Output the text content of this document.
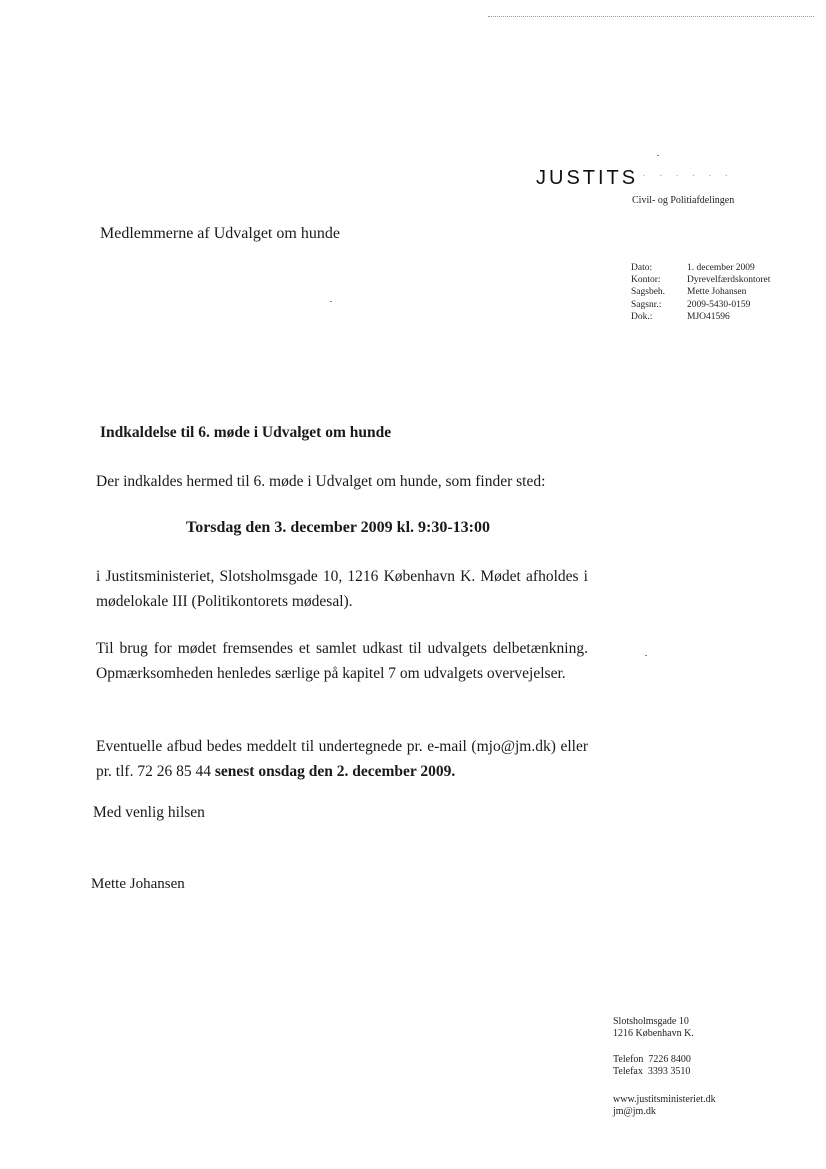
JUSTITS
· · · · · · ·
Civil- og Politiafdelingen
Medlemmerne af Udvalget om hunde
Dato:	1. december 2009
Kontor:	Dyrevelfærdskontoret
Sagsbeh.	Mette Johansen
Sagsnr.:	2009-5430-0159
Dok.:	MJO41596
Indkaldelse til 6. møde i Udvalget om hunde
Der indkaldes hermed til 6. møde i Udvalget om hunde, som finder sted:
Torsdag den 3. december 2009 kl. 9:30-13:00
i Justitsministeriet, Slotsholmsgade 10, 1216 København K. Mødet afholdes i mødelokale III (Politikontorets mødesal).
Til brug for mødet fremsendes et samlet udkast til udvalgets delbetænkning. Opmærksomheden henledes særlige på kapitel 7 om udvalgets overvejelser.
Eventuelle afbud bedes meddelt til undertegnede pr. e-mail (mjo@jm.dk) eller pr. tlf. 72 26 85 44 senest onsdag den 2. december 2009.
Med venlig hilsen
Mette Johansen
Slotsholmsgade 10
1216 København K.
Telefon  7226 8400
Telefax  3393 3510
www.justitsministeriet.dk
jm@jm.dk
